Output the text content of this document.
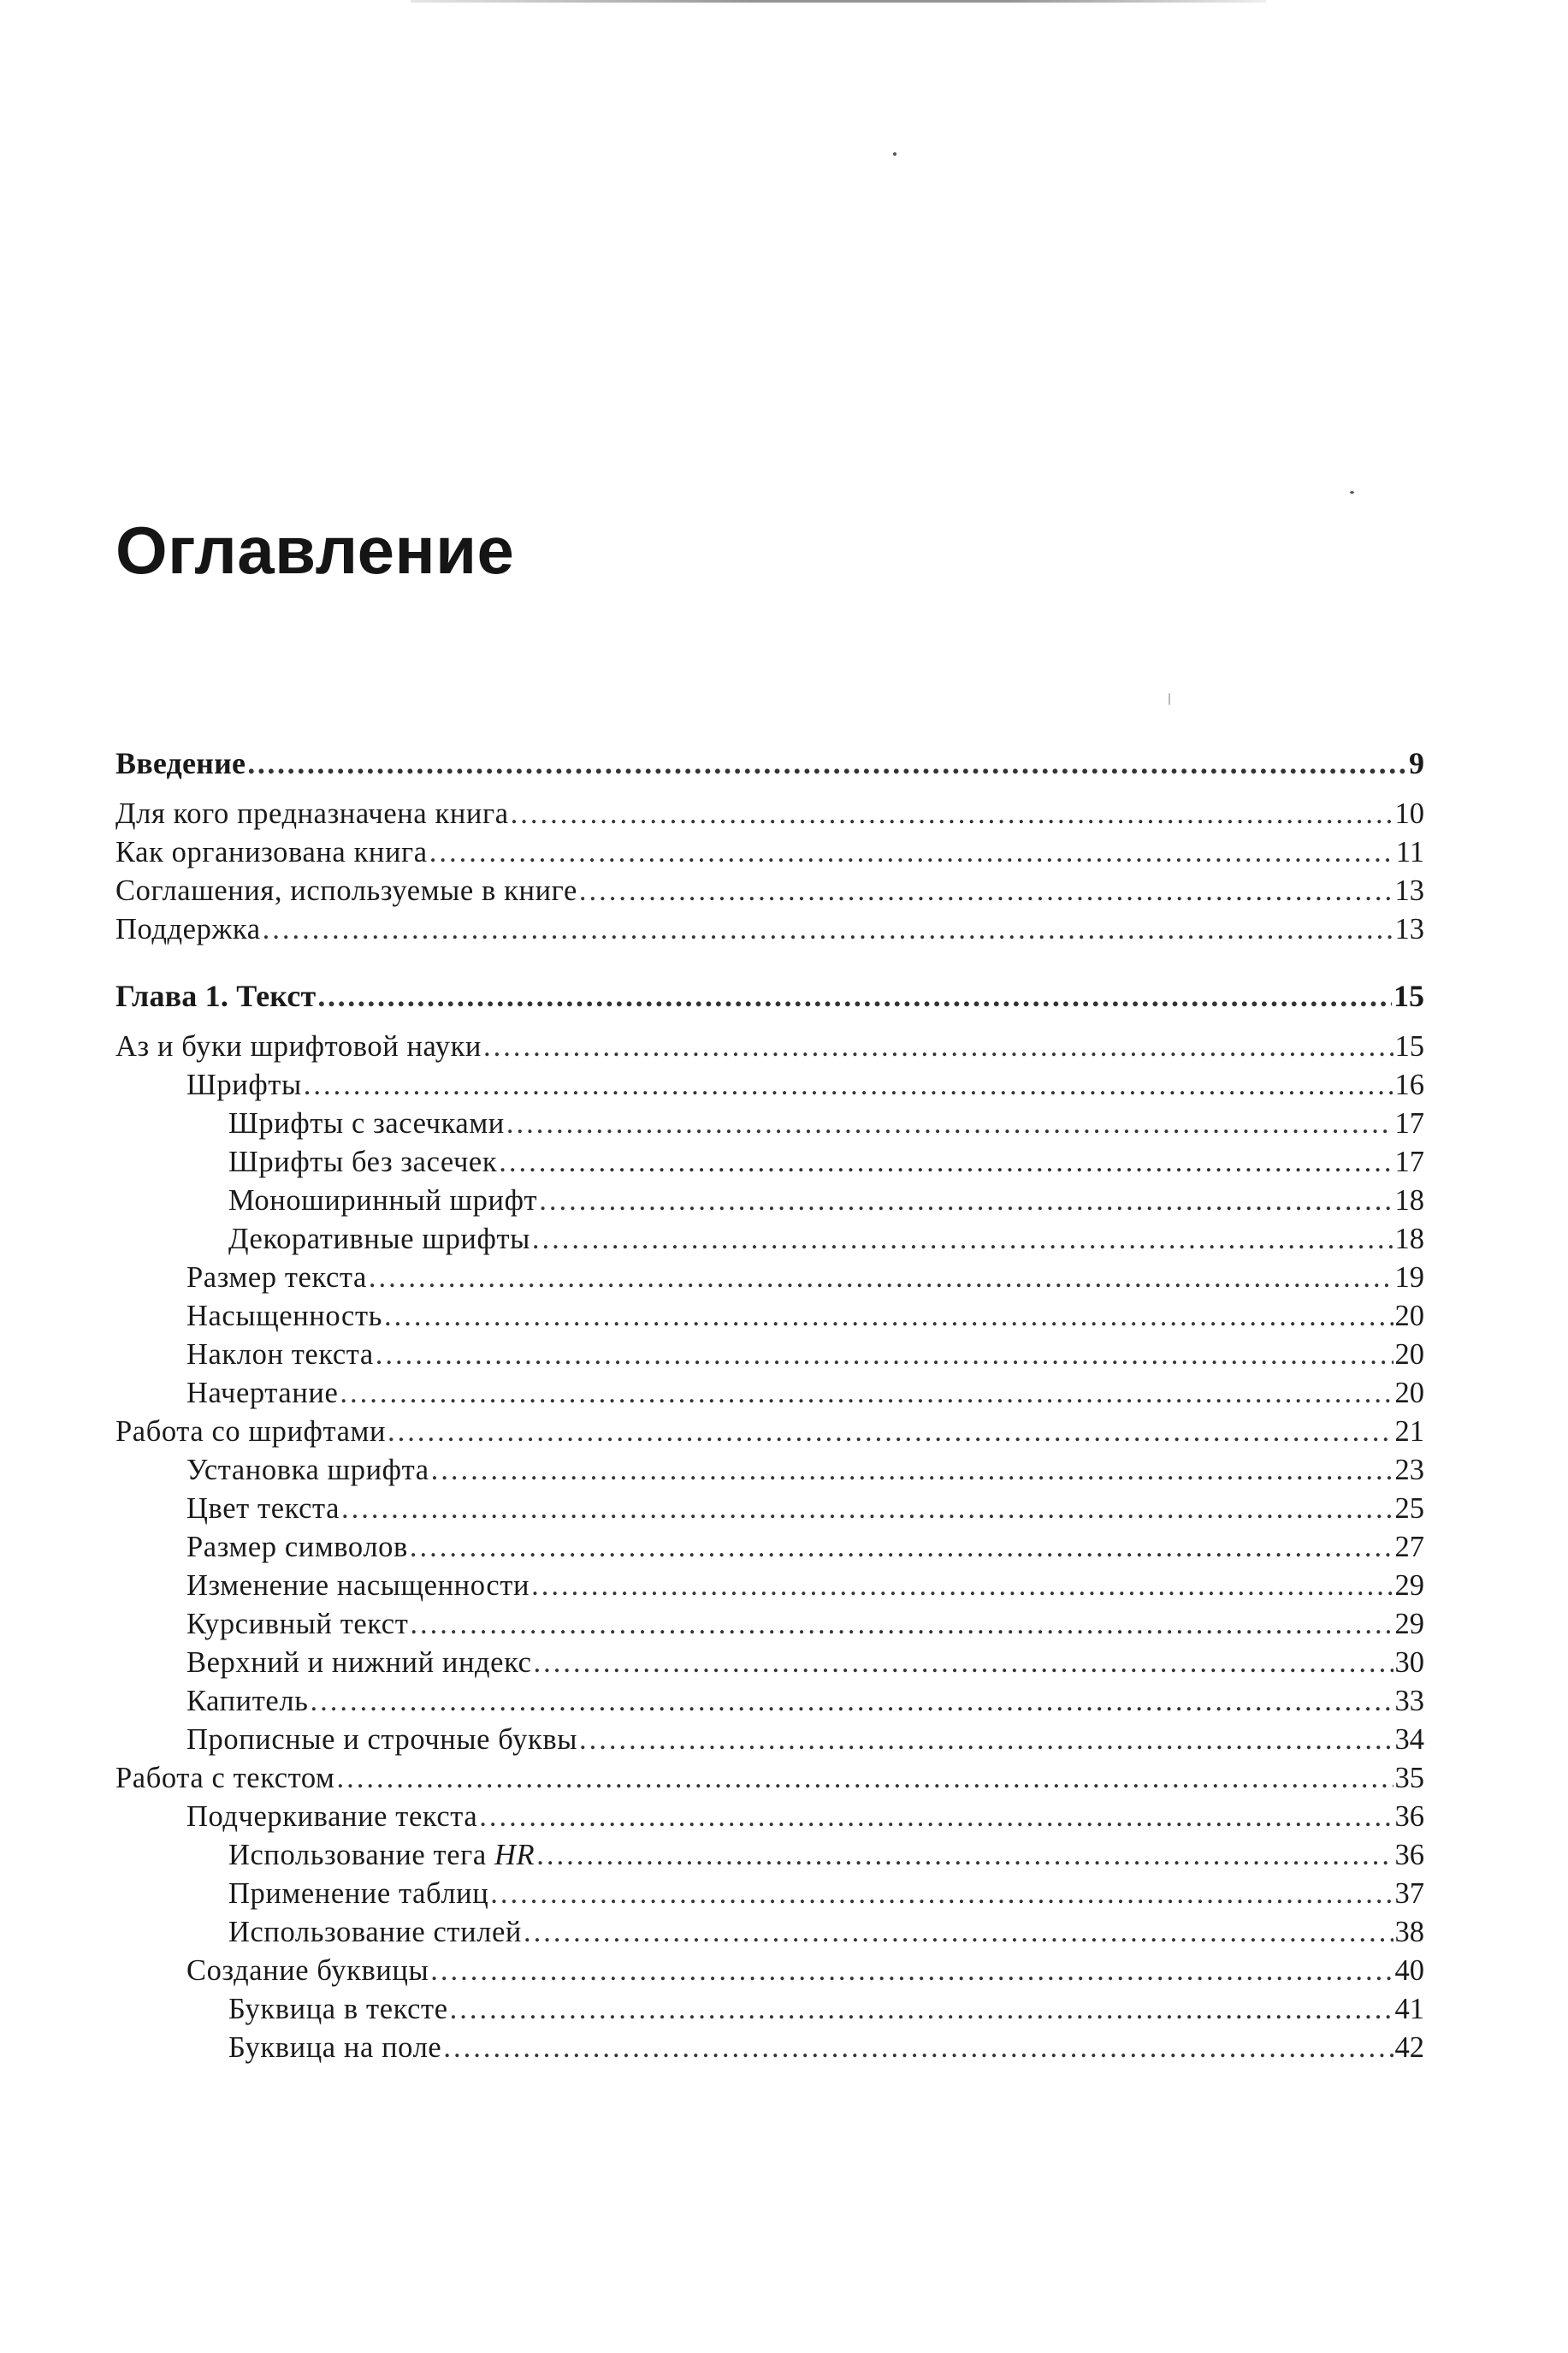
Оглавление
Введение .....	9
Для кого предназначена книга .....	10
Как организована книга .....	11
Соглашения, используемые в книге .....	13
Поддержка .....	13
Глава 1. Текст .....	15
Аз и буки шрифтовой науки .....	15
Шрифты .....	16
Шрифты с засечками .....	17
Шрифты без засечек .....	17
Моноширинный шрифт .....	18
Декоративные шрифты .....	18
Размер текста .....	19
Насыщенность .....	20
Наклон текста .....	20
Начертание .....	20
Работа со шрифтами .....	21
Установка шрифта .....	23
Цвет текста .....	25
Размер символов .....	27
Изменение насыщенности .....	29
Курсивный текст .....	29
Верхний и нижний индекс .....	30
Капитель .....	33
Прописные и строчные буквы .....	34
Работа с текстом .....	35
Подчеркивание текста .....	36
Использование тега HR .....	36
Применение таблиц .....	37
Использование стилей .....	38
Создание буквицы .....	40
Буквица в тексте .....	41
Буквица на поле .....	42
